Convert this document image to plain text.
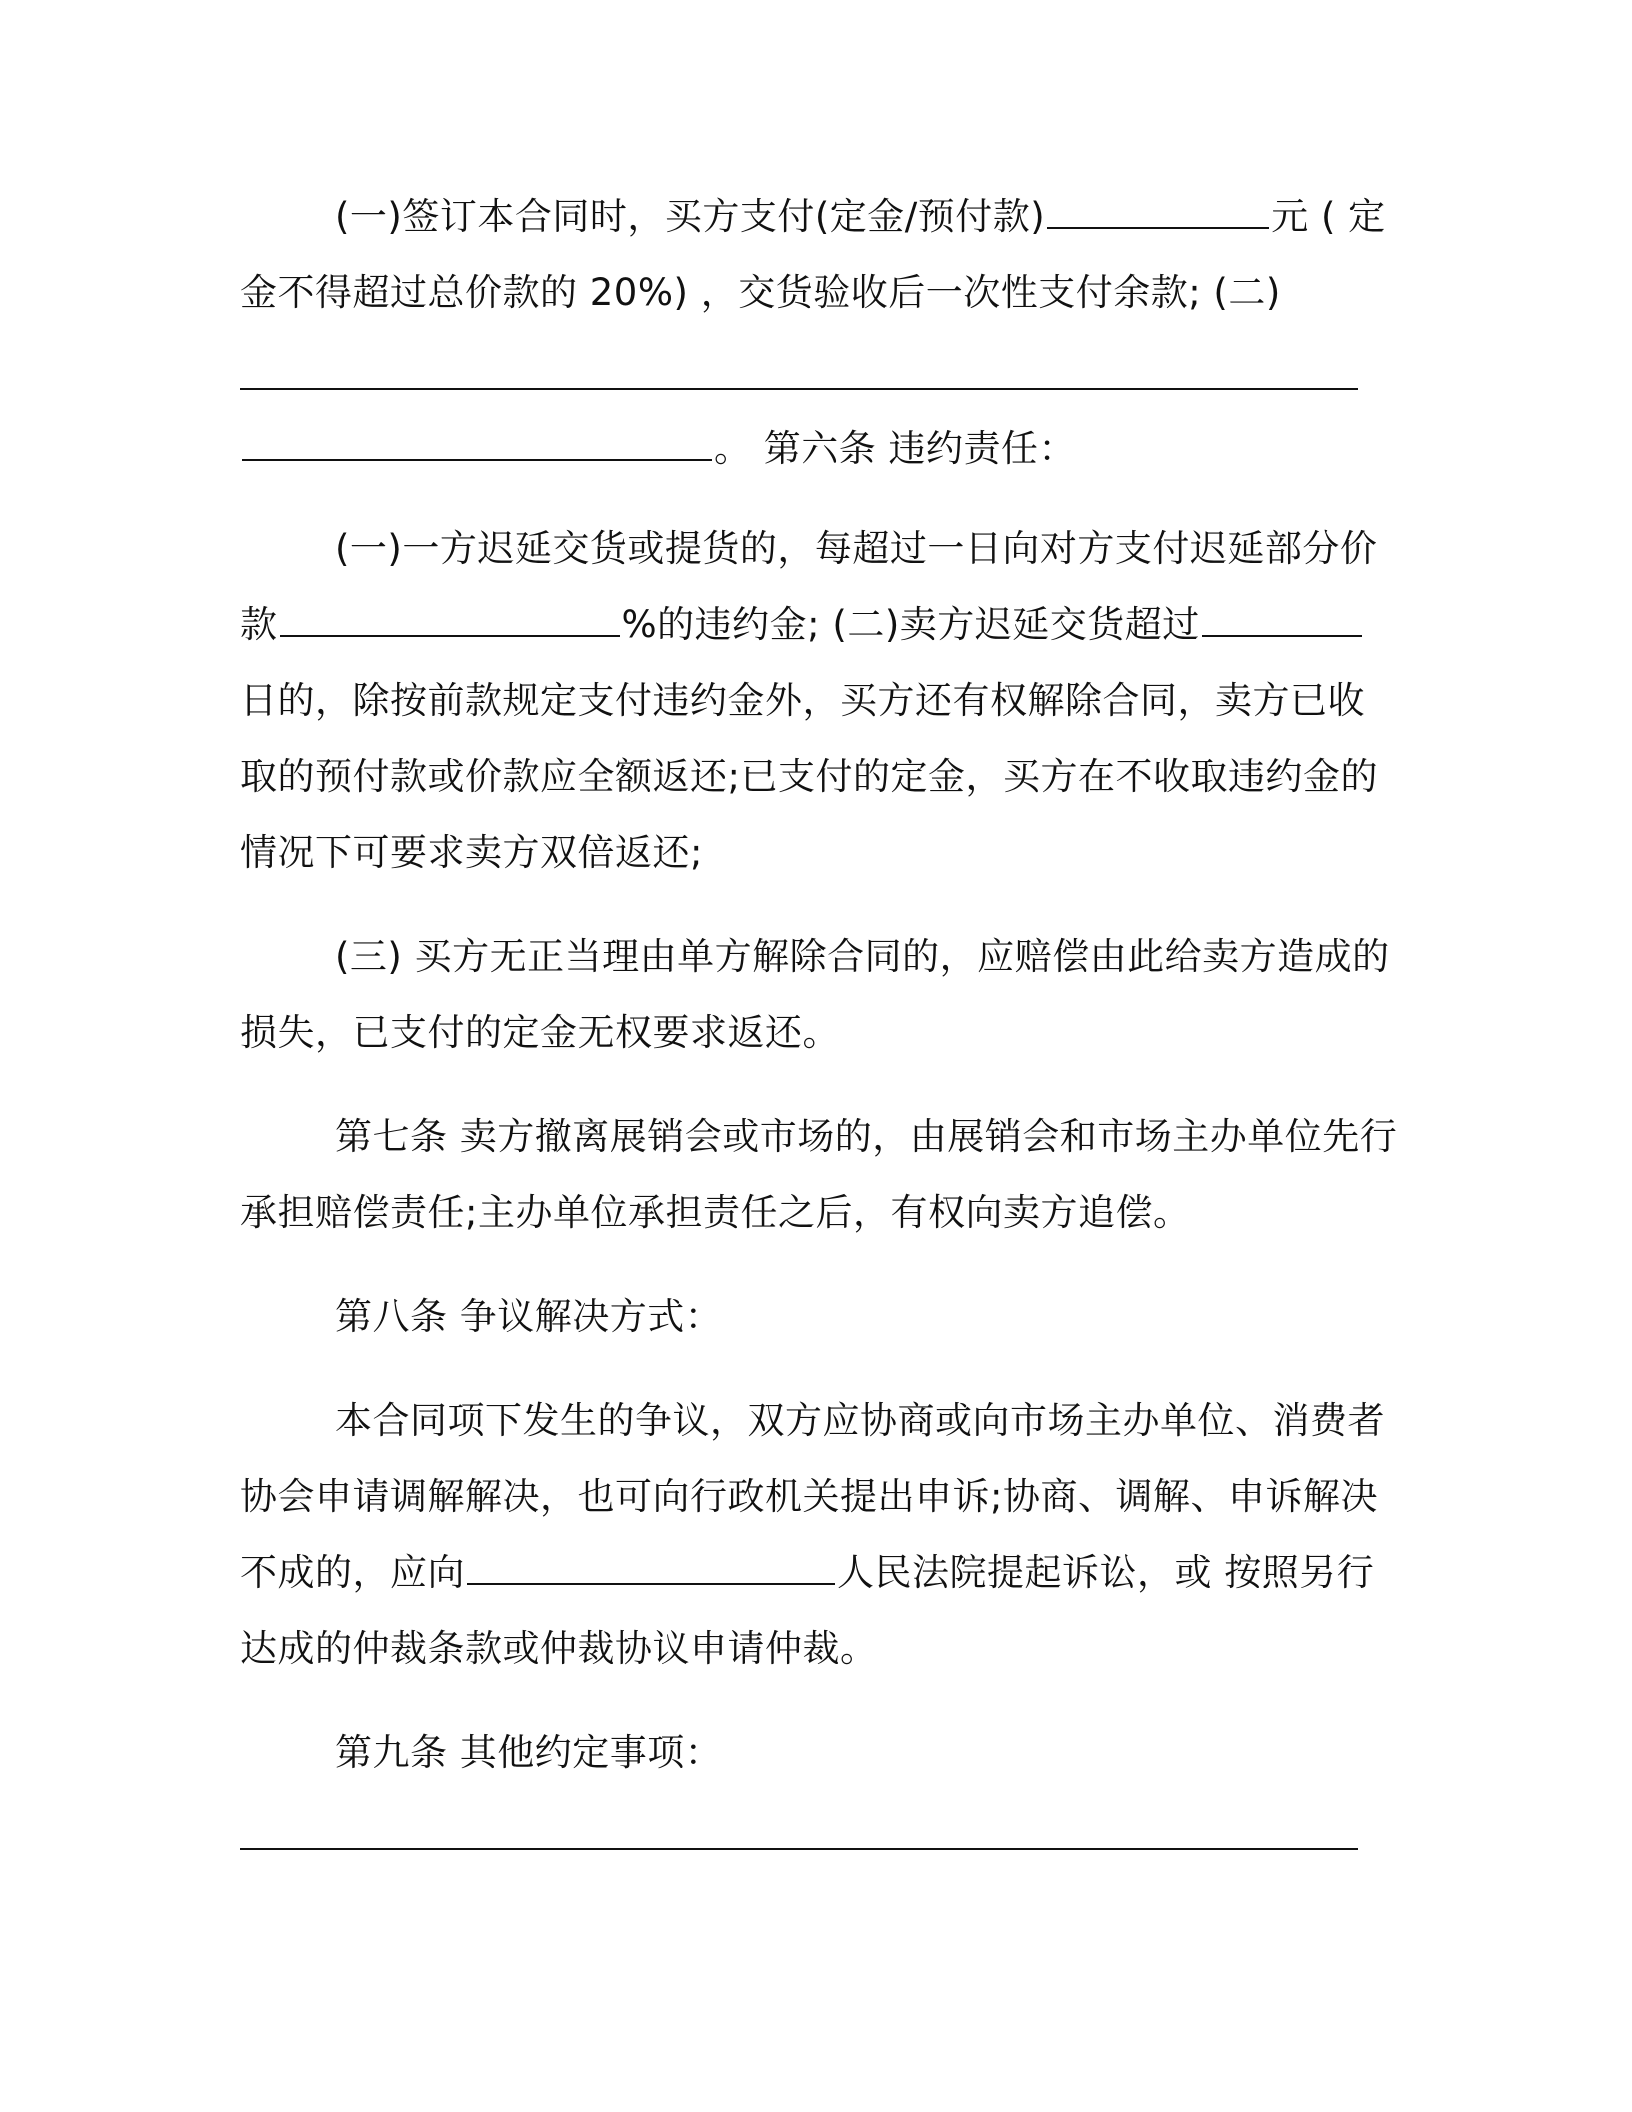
(一)签订本合同时，买方支付(定金/预付款)	元 ( 定
金不得超过总价款的 20%) ，交货验收后一次性支付余款; (二)
。 第六条 违约责任：
(一)一方迟延交货或提货的，每超过一日向对方支付迟延部分价
款	%的违约金; (二)卖方迟延交货超过
日的，除按前款规定支付违约金外，买方还有权解除合同，卖方已收
取的预付款或价款应全额返还;已支付的定金，买方在不收取违约金的
情况下可要求卖方双倍返还;
(三) 买方无正当理由单方解除合同的，应赔偿由此给卖方造成的
损失，已支付的定金无权要求返还。
第七条 卖方撤离展销会或市场的，由展销会和市场主办单位先行
承担赔偿责任;主办单位承担责任之后，有权向卖方追偿。
第八条 争议解决方式：
本合同项下发生的争议，双方应协商或向市场主办单位、消费者
协会申请调解解决，也可向行政机关提出申诉;协商、调解、申诉解决
不成的，应向	人民法院提起诉讼，或 按照另行
达成的仲裁条款或仲裁协议申请仲裁。
第九条 其他约定事项：
